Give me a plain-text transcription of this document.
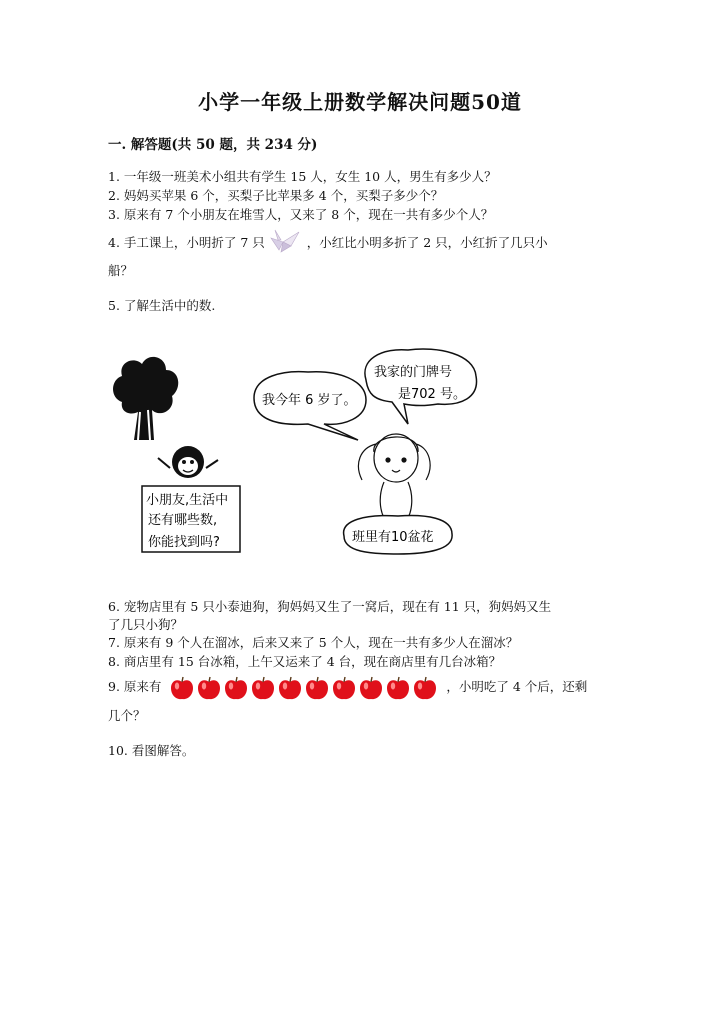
小学一年级上册数学解决问题50道
一. 解答题(共 50 题，共 234 分)
1. 一年级一班美术小组共有学生 15 人，女生 10 人，男生有多少人？
2. 妈妈买苹果 6 个，买梨子比苹果多 4 个，买梨子多少个？
3. 原来有 7 个小朋友在堆雪人，又来了 8 个，现在一共有多少个人？
4. 手工课上，小明折了 7 只	，小红比小明多折了 2 只，小红折了几只小
船？
5. 了解生活中的数.
小朋友,生活中
还有哪些数,
你能找到吗?
我今年 6 岁了。
我家的门牌号
是702 号。
班里有10盆花
6. 宠物店里有 5 只小泰迪狗，狗妈妈又生了一窝后，现在有 11 只，狗妈妈又生
了几只小狗？
7. 原来有 9 个人在溜冰，后来又来了 5 个人，现在一共有多少人在溜冰？
8. 商店里有 15 台冰箱，上午又运来了 4 台，现在商店里有几台冰箱？
9. 原来有	，小明吃了 4 个后，还剩
几个？
10. 看图解答。
